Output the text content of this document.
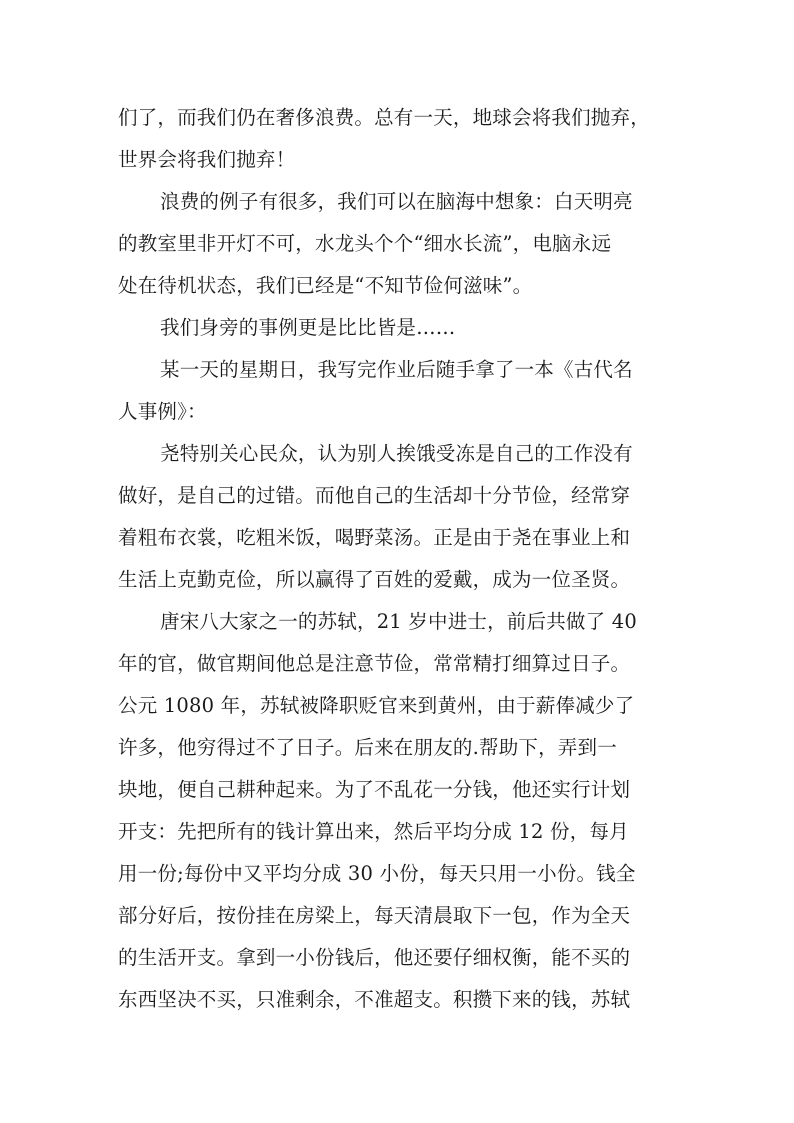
们了，而我们仍在奢侈浪费。总有一天，地球会将我们抛弃，
世界会将我们抛弃！
浪费的例子有很多，我们可以在脑海中想象：白天明亮
的教室里非开灯不可，水龙头个个“细水长流”，电脑永远
处在待机状态，我们已经是“不知节俭何滋味”。
我们身旁的事例更是比比皆是……
某一天的星期日，我写完作业后随手拿了一本《古代名
人事例》：
尧特别关心民众，认为别人挨饿受冻是自己的工作没有
做好，是自己的过错。而他自己的生活却十分节俭，经常穿
着粗布衣裳，吃粗米饭，喝野菜汤。正是由于尧在事业上和
生活上克勤克俭，所以赢得了百姓的爱戴，成为一位圣贤。
唐宋八大家之一的苏轼，21 岁中进士，前后共做了 40
年的官，做官期间他总是注意节俭，常常精打细算过日子。
公元 1080 年，苏轼被降职贬官来到黄州，由于薪俸减少了
许多，他穷得过不了日子。后来在朋友的.帮助下，弄到一
块地，便自己耕种起来。为了不乱花一分钱，他还实行计划
开支：先把所有的钱计算出来，然后平均分成 12 份，每月
用一份;每份中又平均分成 30 小份，每天只用一小份。钱全
部分好后，按份挂在房梁上，每天清晨取下一包，作为全天
的生活开支。拿到一小份钱后，他还要仔细权衡，能不买的
东西坚决不买，只准剩余，不准超支。积攒下来的钱，苏轼
